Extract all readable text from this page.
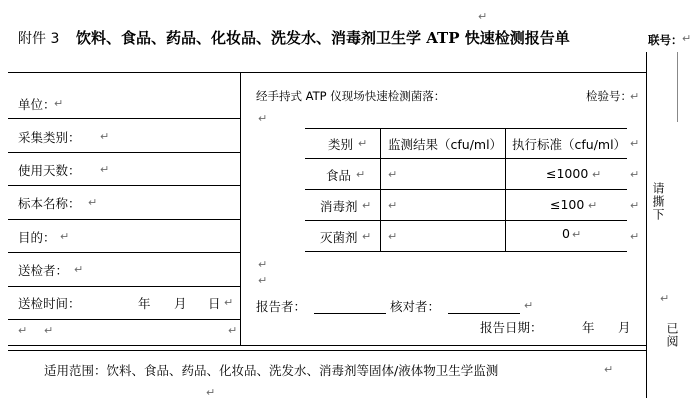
附件 3 饮料、食品、药品、化妆品、洗发水、消毒剂卫生学 ATP 快速检测报告单	联号： ↵
↵
单位：
↵
采集类别： ↵
使用天数： ↵
标本名称： ↵
目的： ↵
送检者： ↵
送检时间：	年 月 日 ↵
↵ ↵	↵
经手持式 ATP 仪现场快速检测菌落：	检验号：
↵
↵
类别 ↵ 监测结果（cfu/ml） 执行标准（cfu/ml） ↵
食品 ↵ ↵	≤1000 ↵	↵
消毒剂 ↵ ↵	≤100 ↵	↵
灭菌剂 ↵ ↵	0 ↵	↵
↵
↵
报告者：	核对者：	↵
报告日期：	年 月
适用范围：饮料、食品、药品、化妆品、洗发水、消毒剂等固体/液体物卫生学监测	↵
↵
请撕下
↵
已阅
